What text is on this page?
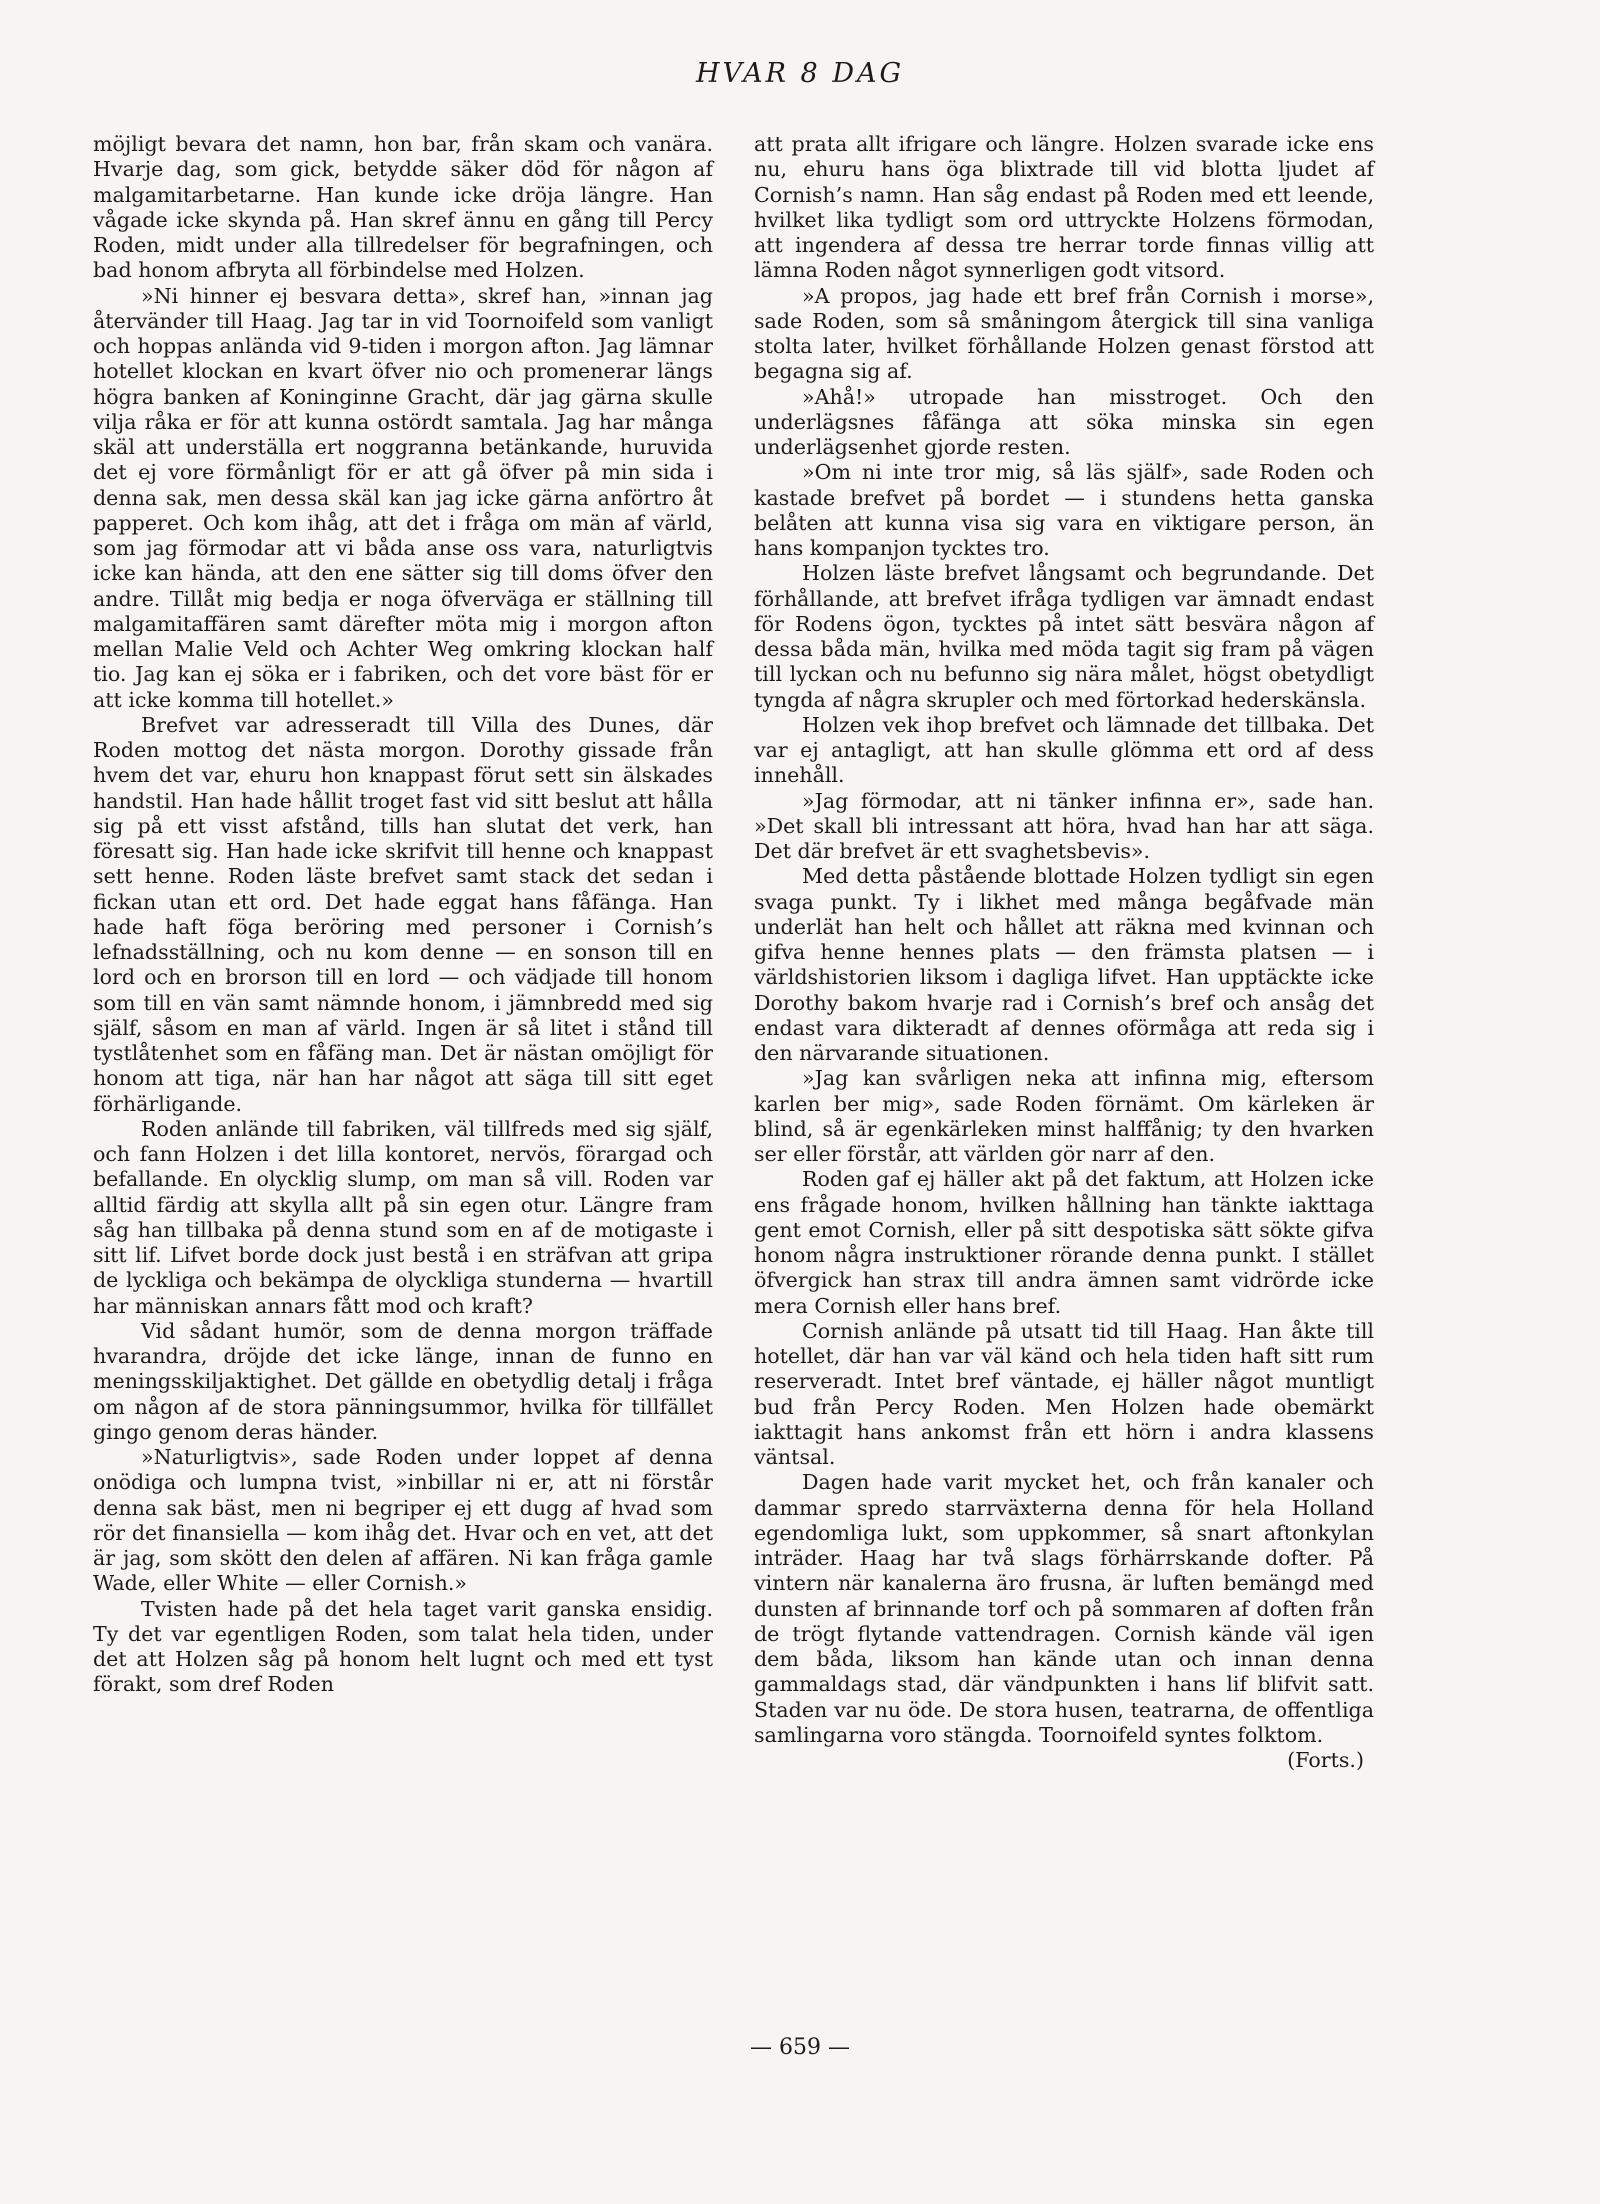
HVAR 8 DAG

möjligt bevara det namn, hon bar, från skam och vanära. Hvarje dag, som gick, betydde säker död för någon af malgamitarbetarne. Han kunde icke dröja längre. Han vågade icke skynda på. Han skref ännu en gång till Percy Roden, midt under alla tillredelser för begrafningen, och bad honom afbryta all förbindelse med Holzen.

»Ni hinner ej besvara detta», skref han, »innan jag återvänder till Haag. Jag tar in vid Toornoifeld som vanligt och hoppas anlända vid 9-tiden i morgon afton. Jag lämnar hotellet klockan en kvart öfver nio och promenerar längs högra banken af Koninginne Gracht, där jag gärna skulle vilja råka er för att kunna ostördt samtala. Jag har många skäl att underställa ert noggranna betänkande, huruvida det ej vore förmånligt för er att gå öfver på min sida i denna sak, men dessa skäl kan jag icke gärna anförtro åt papperet. Och kom ihåg, att det i fråga om män af värld, som jag förmodar att vi båda anse oss vara, naturligtvis icke kan hända, att den ene sätter sig till doms öfver den andre. Tillåt mig bedja er noga öfverväga er ställning till malgamitaffären samt därefter möta mig i morgon afton mellan Malie Veld och Achter Weg omkring klockan half tio. Jag kan ej söka er i fabriken, och det vore bäst för er att icke komma till hotellet.»

Brefvet var adresseradt till Villa des Dunes, där Roden mottog det nästa morgon. Dorothy gissade från hvem det var, ehuru hon knappast förut sett sin älskades handstil. Han hade hållit troget fast vid sitt beslut att hålla sig på ett visst afstånd, tills han slutat det verk, han föresatt sig. Han hade icke skrifvit till henne och knappast sett henne. Roden läste brefvet samt stack det sedan i fickan utan ett ord. Det hade eggat hans fåfänga. Han hade haft föga beröring med personer i Cornish’s lefnadsställning, och nu kom denne — en sonson till en lord och en brorson till en lord — och vädjade till honom som till en vän samt nämnde honom, i jämnbredd med sig själf, såsom en man af värld. Ingen är så litet i stånd till tystlåtenhet som en fåfäng man. Det är nästan omöjligt för honom att tiga, när han har något att säga till sitt eget förhärligande.

Roden anlände till fabriken, väl tillfreds med sig själf, och fann Holzen i det lilla kontoret, nervös, förargad och befallande. En olycklig slump, om man så vill. Roden var alltid färdig att skylla allt på sin egen otur. Längre fram såg han tillbaka på denna stund som en af de motigaste i sitt lif. Lifvet borde dock just bestå i en sträfvan att gripa de lyckliga och bekämpa de olyckliga stunderna — hvartill har människan annars fått mod och kraft?

Vid sådant humör, som de denna morgon träffade hvarandra, dröjde det icke länge, innan de funno en meningsskiljaktighet. Det gällde en obetydlig detalj i fråga om någon af de stora pänningsummor, hvilka för tillfället gingo genom deras händer.

»Naturligtvis», sade Roden under loppet af denna onödiga och lumpna tvist, »inbillar ni er, att ni förstår denna sak bäst, men ni begriper ej ett dugg af hvad som rör det finansiella — kom ihåg det. Hvar och en vet, att det är jag, som skött den delen af affären. Ni kan fråga gamle Wade, eller White — eller Cornish.»

Tvisten hade på det hela taget varit ganska ensidig. Ty det var egentligen Roden, som talat hela tiden, under det att Holzen såg på honom helt lugnt och med ett tyst förakt, som dref Roden

att prata allt ifrigare och längre. Holzen svarade icke ens nu, ehuru hans öga blixtrade till vid blotta ljudet af Cornish’s namn. Han såg endast på Roden med ett leende, hvilket lika tydligt som ord uttryckte Holzens förmodan, att ingendera af dessa tre herrar torde finnas villig att lämna Roden något synnerligen godt vitsord.

»A propos, jag hade ett bref från Cornish i morse», sade Roden, som så småningom återgick till sina vanliga stolta later, hvilket förhållande Holzen genast förstod att begagna sig af.

»Ahå!» utropade han misstroget. Och den underlägsnes fåfänga att söka minska sin egen underlägsenhet gjorde resten.

»Om ni inte tror mig, så läs själf», sade Roden och kastade brefvet på bordet — i stundens hetta ganska belåten att kunna visa sig vara en viktigare person, än hans kompanjon tycktes tro.

Holzen läste brefvet långsamt och begrundande. Det förhållande, att brefvet ifråga tydligen var ämnadt endast för Rodens ögon, tycktes på intet sätt besvära någon af dessa båda män, hvilka med möda tagit sig fram på vägen till lyckan och nu befunno sig nära målet, högst obetydligt tyngda af några skrupler och med förtorkad hederskänsla.

Holzen vek ihop brefvet och lämnade det tillbaka. Det var ej antagligt, att han skulle glömma ett ord af dess innehåll.

»Jag förmodar, att ni tänker infinna er», sade han. »Det skall bli intressant att höra, hvad han har att säga. Det där brefvet är ett svaghetsbevis».

Med detta påstående blottade Holzen tydligt sin egen svaga punkt. Ty i likhet med många begåfvade män underlät han helt och hållet att räkna med kvinnan och gifva henne hennes plats — den främsta platsen — i världshistorien liksom i dagliga lifvet. Han upptäckte icke Dorothy bakom hvarje rad i Cornish’s bref och ansåg det endast vara dikteradt af dennes oförmåga att reda sig i den närvarande situationen.

»Jag kan svårligen neka att infinna mig, eftersom karlen ber mig», sade Roden förnämt. Om kärleken är blind, så är egenkärleken minst halffånig; ty den hvarken ser eller förstår, att världen gör narr af den.

Roden gaf ej häller akt på det faktum, att Holzen icke ens frågade honom, hvilken hållning han tänkte iakttaga gent emot Cornish, eller på sitt despotiska sätt sökte gifva honom några instruktioner rörande denna punkt. I stället öfvergick han strax till andra ämnen samt vidrörde icke mera Cornish eller hans bref.

Cornish anlände på utsatt tid till Haag. Han åkte till hotellet, där han var väl känd och hela tiden haft sitt rum reserveradt. Intet bref väntade, ej häller något muntligt bud från Percy Roden. Men Holzen hade obemärkt iakttagit hans ankomst från ett hörn i andra klassens väntsal.

Dagen hade varit mycket het, och från kanaler och dammar spredo starrväxterna denna för hela Holland egendomliga lukt, som uppkommer, så snart aftonkylan inträder. Haag har två slags förhärrskande dofter. På vintern när kanalerna äro frusna, är luften bemängd med dunsten af brinnande torf och på sommaren af doften från de trögt flytande vattendragen. Cornish kände väl igen dem båda, liksom han kände utan och innan denna gammaldags stad, där vändpunkten i hans lif blifvit satt. Staden var nu öde. De stora husen, teatrarna, de offentliga samlingarna voro stängda. Toornoifeld syntes folktom.

(Forts.)

— 659 —
